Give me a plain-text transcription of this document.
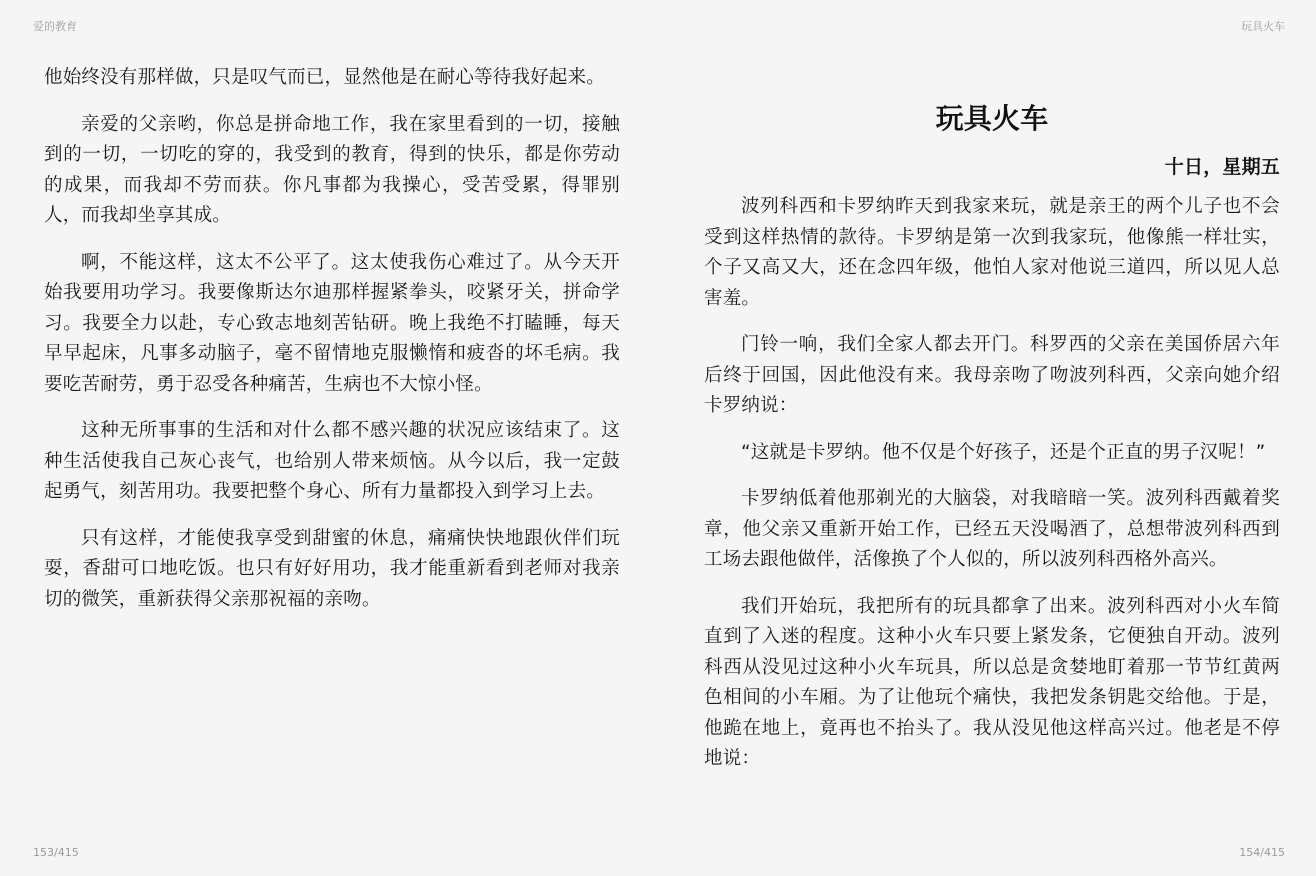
爱的教育

他始终没有那样做，只是叹气而已，显然他是在耐心等待我好起来。

亲爱的父亲哟，你总是拼命地工作，我在家里看到的一切，接触到的一切，一切吃的穿的，我受到的教育，得到的快乐，都是你劳动的成果，而我却不劳而获。你凡事都为我操心，受苦受累，得罪别人，而我却坐享其成。

啊，不能这样，这太不公平了。这太使我伤心难过了。从今天开始我要用功学习。我要像斯达尔迪那样握紧拳头，咬紧牙关，拼命学习。我要全力以赴，专心致志地刻苦钻研。晚上我绝不打瞌睡，每天早早起床，凡事多动脑子，毫不留情地克服懒惰和疲沓的坏毛病。我要吃苦耐劳，勇于忍受各种痛苦，生病也不大惊小怪。

这种无所事事的生活和对什么都不感兴趣的状况应该结束了。这种生活使我自己灰心丧气，也给别人带来烦恼。从今以后，我一定鼓起勇气，刻苦用功。我要把整个身心、所有力量都投入到学习上去。

只有这样，才能使我享受到甜蜜的休息，痛痛快快地跟伙伴们玩耍，香甜可口地吃饭。也只有好好用功，我才能重新看到老师对我亲切的微笑，重新获得父亲那祝福的亲吻。

153/415
玩具火车
玩具火车
十日，星期五

波列科西和卡罗纳昨天到我家来玩，就是亲王的两个儿子也不会受到这样热情的款待。卡罗纳是第一次到我家玩，他像熊一样壮实，个子又高又大，还在念四年级，他怕人家对他说三道四，所以见人总害羞。

门铃一响，我们全家人都去开门。科罗西的父亲在美国侨居六年后终于回国，因此他没有来。我母亲吻了吻波列科西，父亲向她介绍卡罗纳说：

“这就是卡罗纳。他不仅是个好孩子，还是个正直的男子汉呢！”

卡罗纳低着他那剃光的大脑袋，对我暗暗一笑。波列科西戴着奖章，他父亲又重新开始工作，已经五天没喝酒了，总想带波列科西到工场去跟他做伴，活像换了个人似的，所以波列科西格外高兴。

我们开始玩，我把所有的玩具都拿了出来。波列科西对小火车简直到了入迷的程度。这种小火车只要上紧发条，它便独自开动。波列科西从没见过这种小火车玩具，所以总是贪婪地盯着那一节节红黄两色相间的小车厢。为了让他玩个痛快，我把发条钥匙交给他。于是，他跪在地上，竟再也不抬头了。我从没见他这样高兴过。他老是不停地说：

154/415
